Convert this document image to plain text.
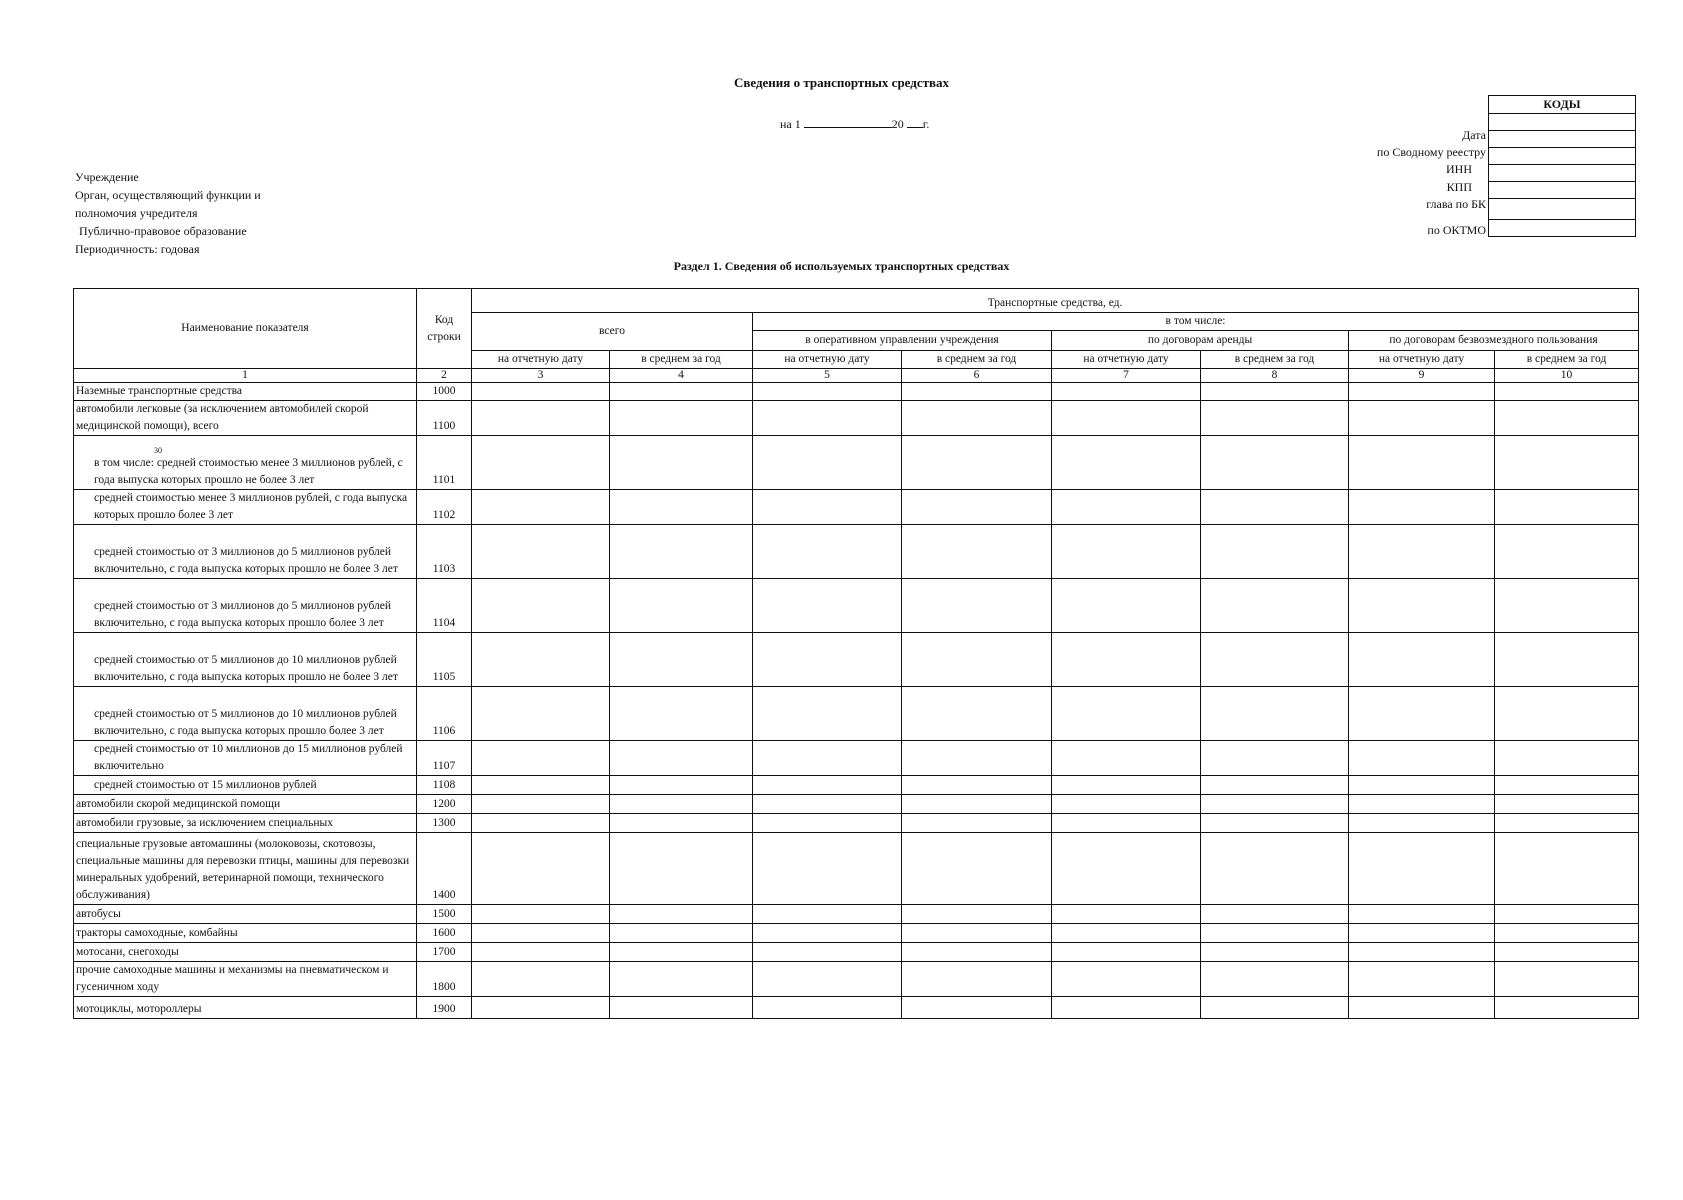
Сведения о транспортных средствах
на 1	20 г.
КОДЫ

Дата
по Сводному реестру
ИНН
КПП
глава по БК
по ОКТМО
Учреждение
Орган, осуществляющий функции и
полномочия учредителя
Публично-правовое образование
Периодичность: годовая
Раздел 1. Сведения об используемых транспортных средствах
Наименование показателя	Код строки	Транспортные средства, ед.							
		всего		в том числе:					
				в оперативном управлении учреждения		по договорам аренды		по договорам безвозмездного пользования	
		на отчетную дату	в среднем за год	на отчетную дату	в среднем за год	на отчетную дату	в среднем за год	на отчетную дату	в среднем за год
1	2	3	4	5	6	7	8	9	10
Наземные транспортные средства	1000								
автомобили легковые (за исключением автомобилей скорой медицинской помощи), всего	1100								

30
в том числе: средней стоимостью менее 3 миллионов рублей, с года выпуска которых прошло не более 3 лет	1101								
средней стоимостью менее 3 миллионов рублей, с года выпуска которых прошло более 3 лет	1102								
средней стоимостью от 3 миллионов до 5 миллионов рублей включительно, с года выпуска которых прошло не более 3 лет	1103								
средней стоимостью от 3 миллионов до 5 миллионов рублей включительно, с года выпуска которых прошло более 3 лет	1104								
средней стоимостью от 5 миллионов до 10 миллионов рублей включительно, с года выпуска которых прошло не более 3 лет	1105								
средней стоимостью от 5 миллионов до 10 миллионов рублей включительно, с года выпуска которых прошло более 3 лет	1106								
средней стоимостью от 10 миллионов до 15 миллионов рублей включительно	1107								
средней стоимостью от 15 миллионов рублей	1108								
автомобили скорой медицинской помощи	1200								
автомобили грузовые, за исключением специальных	1300								
специальные грузовые автомашины (молоковозы, скотовозы, специальные машины для перевозки птицы, машины для перевозки минеральных удобрений, ветеринарной помощи, технического обслуживания)	1400								
автобусы	1500								
тракторы самоходные, комбайны	1600								
мотосани, снегоходы	1700								
прочие самоходные машины и механизмы на пневматическом и гусеничном ходу	1800								
мотоциклы, мотороллеры	1900								
